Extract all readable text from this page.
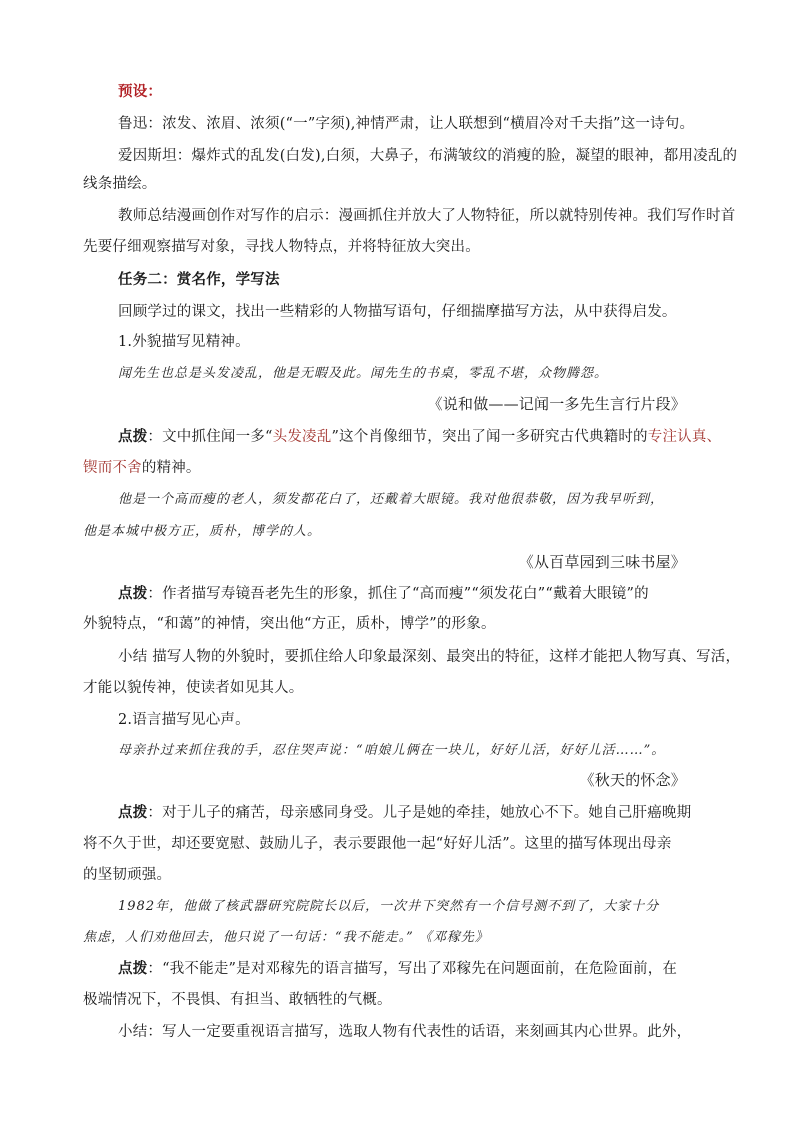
预设：
鲁迅：浓发、浓眉、浓须(“一”字须),神情严肃，让人联想到“横眉冷对千夫指”这一诗句。
爱因斯坦：爆炸式的乱发(白发),白须，大鼻子，布满皱纹的消瘦的脸，凝望的眼神，都用凌乱的
线条描绘。
教师总结漫画创作对写作的启示：漫画抓住并放大了人物特征，所以就特别传神。我们写作时首
先要仔细观察描写对象，寻找人物特点，并将特征放大突出。
任务二：赏名作，学写法
回顾学过的课文，找出一些精彩的人物描写语句，仔细揣摩描写方法，从中获得启发。
1.外貌描写见精神。
闻先生也总是头发凌乱，他是无暇及此。闻先生的书桌，零乱不堪，众物腾怨。
《说和做——记闻一多先生言行片段》
点拨：文中抓住闻一多“头发凌乱”这个肖像细节，突出了闻一多研究古代典籍时的专注认真、
锲而不舍的精神。
他是一个高而瘦的老人，须发都花白了，还戴着大眼镜。我对他很恭敬，因为我早听到，
他是本城中极方正，质朴，博学的人。
《从百草园到三味书屋》
点拨：作者描写寿镜吾老先生的形象，抓住了“高而瘦”“须发花白”“戴着大眼镜”的
外貌特点，“和蔼”的神情，突出他“方正，质朴，博学”的形象。
小结 描写人物的外貌时，要抓住给人印象最深刻、最突出的特征，这样才能把人物写真、写活，
才能以貌传神，使读者如见其人。
2.语言描写见心声。
母亲扑过来抓住我的手，忍住哭声说：“咱娘儿俩在一块儿，好好儿活，好好儿活……”。
《秋天的怀念》
点拨：对于儿子的痛苦，母亲感同身受。儿子是她的牵挂，她放心不下。她自己肝癌晚期
将不久于世，却还要宽慰、鼓励儿子，表示要跟他一起“好好儿活”。这里的描写体现出母亲
的坚韧顽强。
1982年，他做了核武器研究院院长以后，一次井下突然有一个信号测不到了，大家十分
焦虑，人们劝他回去，他只说了一句话：“我不能走。” 《邓稼先》
点拨：“我不能走”是对邓稼先的语言描写，写出了邓稼先在问题面前，在危险面前，在
极端情况下，不畏惧、有担当、敢牺牲的气概。
小结：写人一定要重视语言描写，选取人物有代表性的话语，来刻画其内心世界。此外，
